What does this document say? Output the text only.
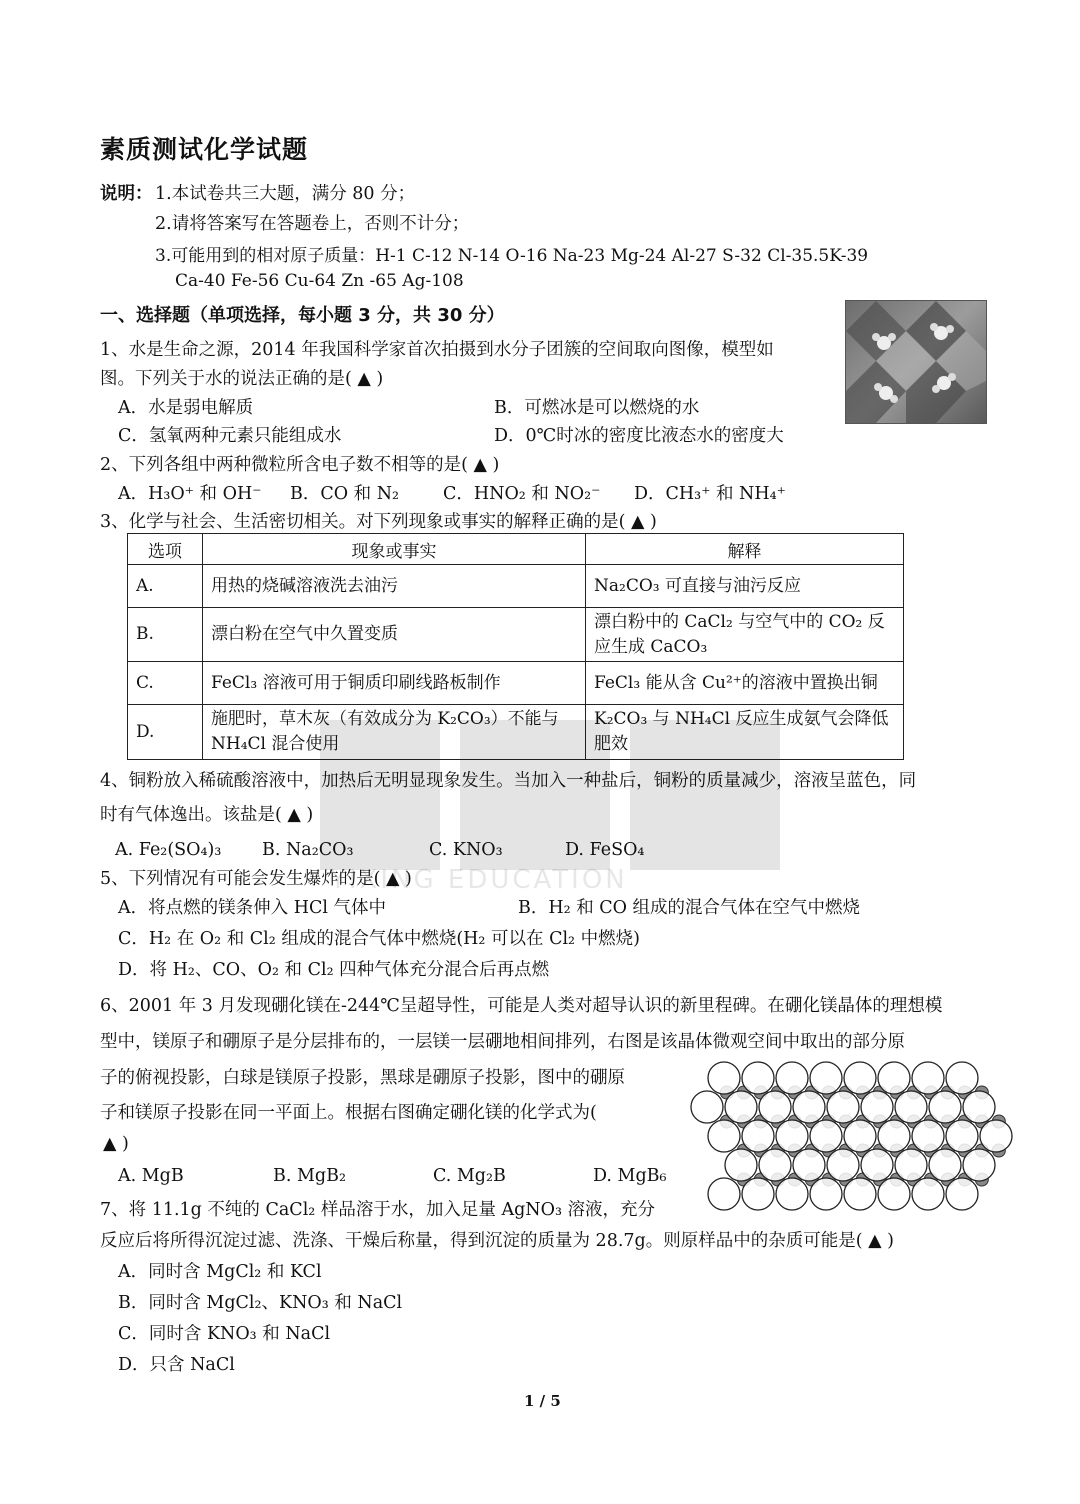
素质测试化学试题
说明： 1.本试卷共三大题，满分 80 分；
2.请将答案写在答题卷上，否则不计分；
3.可能用到的相对原子质量：H-1 C-12 N-14 O-16 Na-23 Mg-24 Al-27 S-32 Cl-35.5K-39
Ca-40 Fe-56 Cu-64 Zn -65 Ag-108
一、选择题（单项选择，每小题 3 分，共 30 分）
1、水是生命之源，2014 年我国科学家首次拍摄到水分子团簇的空间取向图像，模型如
图。下列关于水的说法正确的是( ▲ )
A．水是弱电解质	B．可燃冰是可以燃烧的水
C．氢氧两种元素只能组成水	D．0℃时冰的密度比液态水的密度大
2、下列各组中两种微粒所含电子数不相等的是( ▲ )
A．H₃O⁺ 和 OH⁻ B．CO 和 N₂	C．HNO₂ 和 NO₂⁻ D．CH₃⁺ 和 NH₄⁺
3、化学与社会、生活密切相关。对下列现象或事实的解释正确的是( ▲ )
选项	现象或事实	解释
A.	用热的烧碱溶液洗去油污	Na₂CO₃ 可直接与油污反应
B.	漂白粉在空气中久置变质	漂白粉中的 CaCl₂ 与空气中的 CO₂ 反应生成 CaCO₃
C.	FeCl₃ 溶液可用于铜质印刷线路板制作	FeCl₃ 能从含 Cu²⁺的溶液中置换出铜
D.	施肥时，草木灰（有效成分为 K₂CO₃）不能与 NH₄Cl 混合使用	K₂CO₃ 与 NH₄Cl 反应生成氨气会降低肥效
4、铜粉放入稀硫酸溶液中，加热后无明显现象发生。当加入一种盐后，铜粉的质量减少，溶液呈蓝色，同
时有气体逸出。该盐是( ▲ )
A. Fe₂(SO₄)₃ B. Na₂CO₃	C. KNO₃	D. FeSO₄
5、下列情况有可能会发生爆炸的是( ▲ )
A．将点燃的镁条伸入 HCl 气体中	B．H₂ 和 CO 组成的混合气体在空气中燃烧
C．H₂ 在 O₂ 和 Cl₂ 组成的混合气体中燃烧(H₂ 可以在 Cl₂ 中燃烧)
D．将 H₂、CO、O₂ 和 Cl₂ 四种气体充分混合后再点燃
YIXING EDUCATION
6、2001 年 3 月发现硼化镁在-244℃呈超导性，可能是人类对超导认识的新里程碑。在硼化镁晶体的理想模
型中，镁原子和硼原子是分层排布的，一层镁一层硼地相间排列，右图是该晶体微观空间中取出的部分原
子的俯视投影，白球是镁原子投影，黑球是硼原子投影，图中的硼原
子和镁原子投影在同一平面上。根据右图确定硼化镁的化学式为(
▲ )
A. MgB	B. MgB₂	C. Mg₂B	D. MgB₆
7、将 11.1g 不纯的 CaCl₂ 样品溶于水，加入足量 AgNO₃ 溶液，充分
反应后将所得沉淀过滤、洗涤、干燥后称量，得到沉淀的质量为 28.7g。则原样品中的杂质可能是( ▲ )
A．同时含 MgCl₂ 和 KCl
B．同时含 MgCl₂、KNO₃ 和 NaCl
C．同时含 KNO₃ 和 NaCl
D．只含 NaCl
1 / 5
